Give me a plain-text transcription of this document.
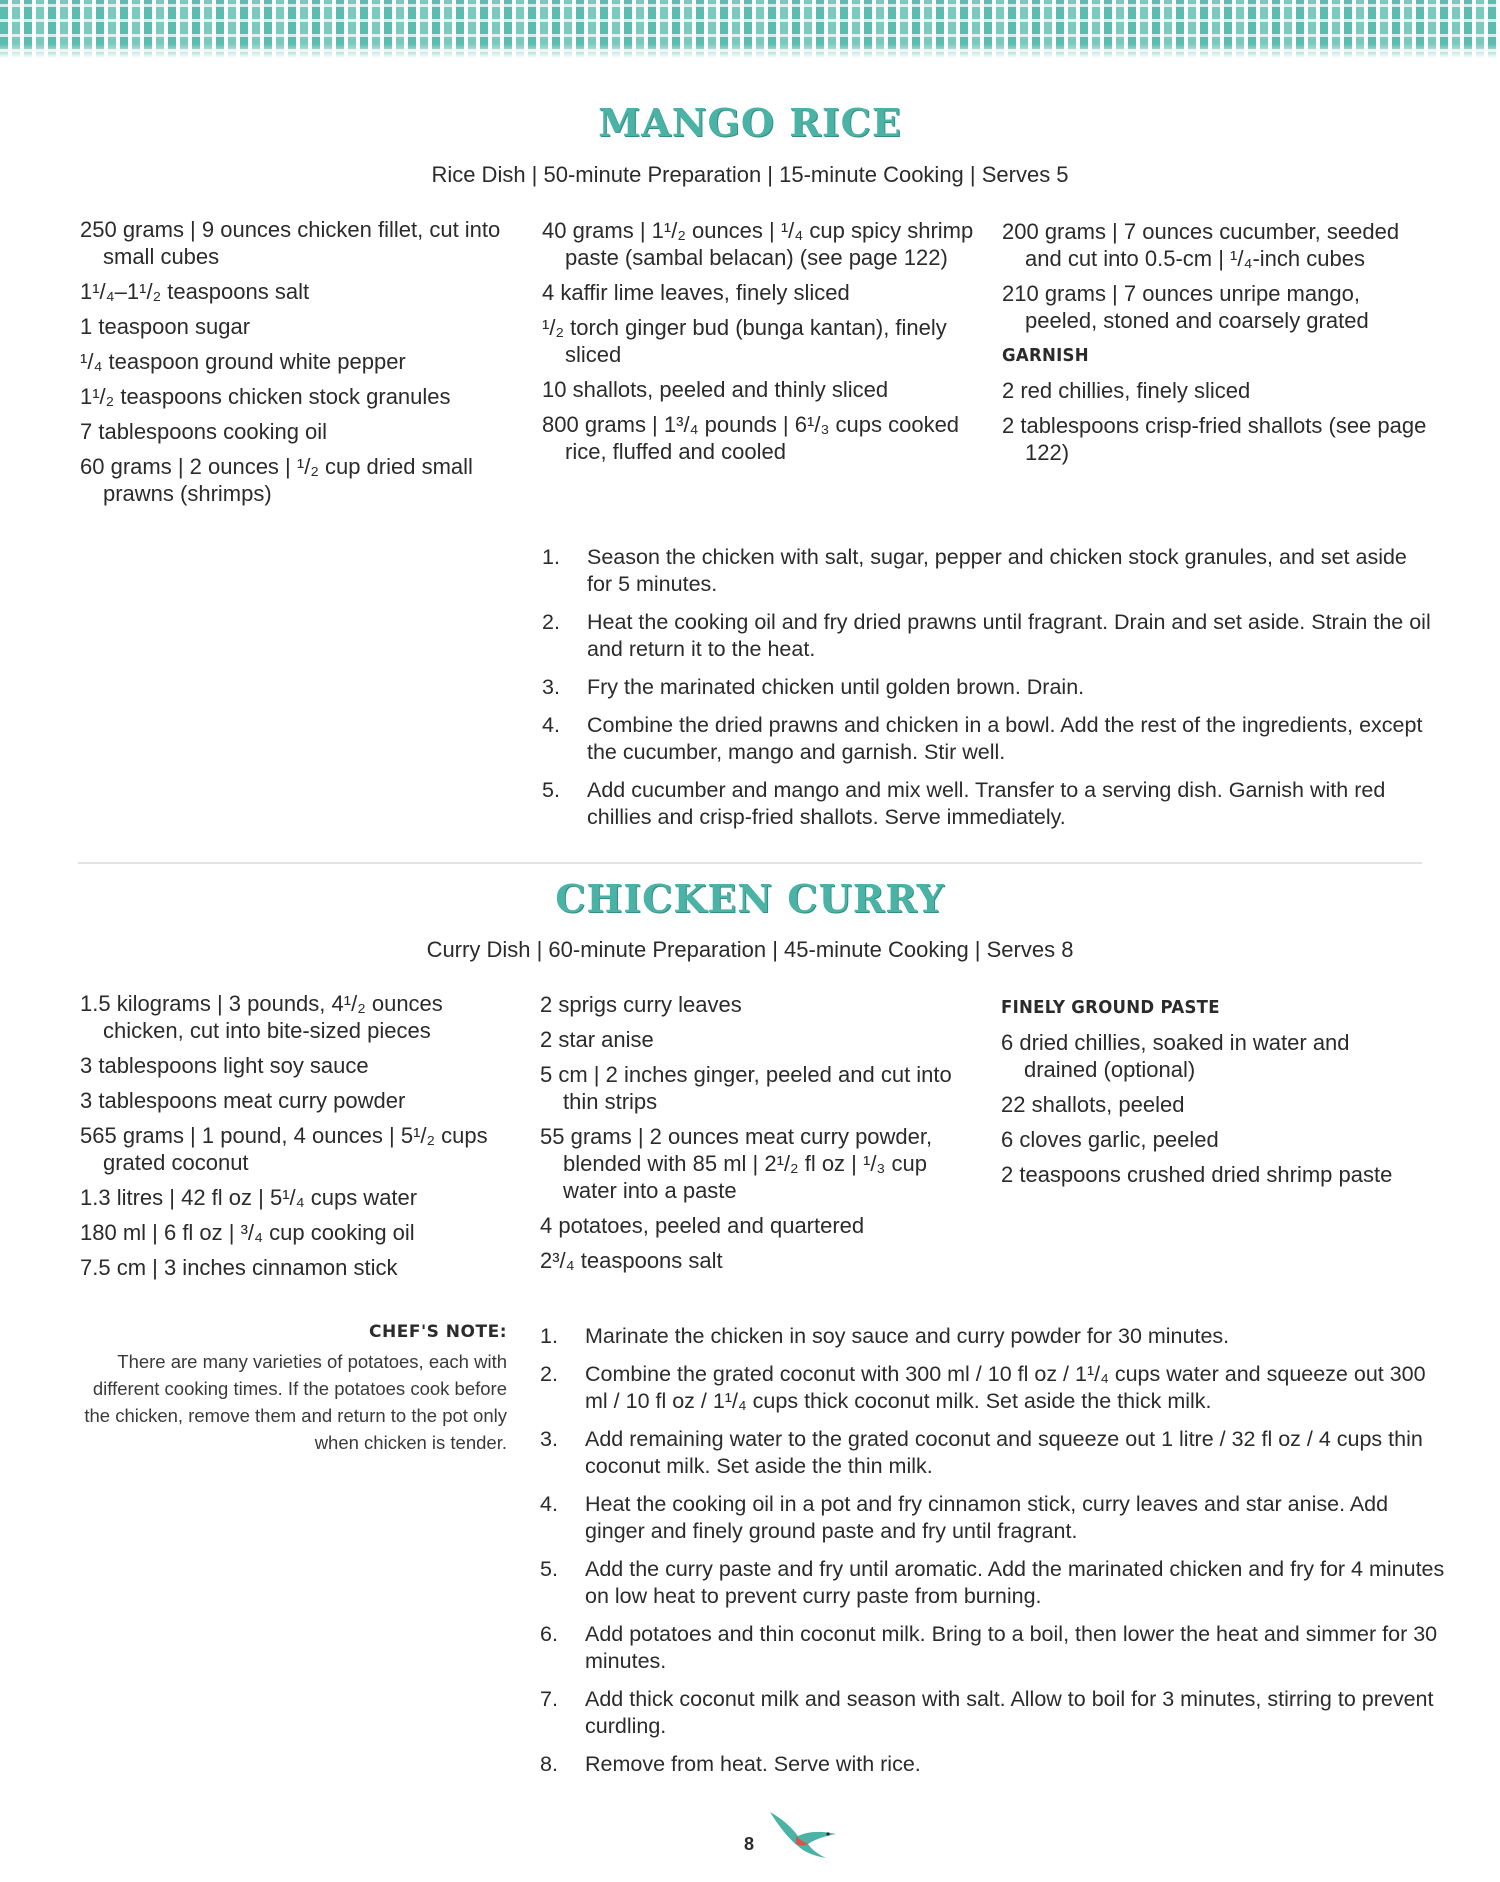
MANGO RICE
Rice Dish | 50-minute Preparation | 15-minute Cooking | Serves 5
250 grams | 9 ounces chicken fillet, cut into small cubes
1¹/₄–1¹/₂ teaspoons salt
1 teaspoon sugar
¹/₄ teaspoon ground white pepper
1¹/₂ teaspoons chicken stock granules
7 tablespoons cooking oil
60 grams | 2 ounces | ¹/₂ cup dried small prawns (shrimps)
40 grams | 1¹/₂ ounces | ¹/₄ cup spicy shrimp paste (sambal belacan) (see page 122)
4 kaffir lime leaves, finely sliced
¹/₂ torch ginger bud (bunga kantan), finely sliced
10 shallots, peeled and thinly sliced
800 grams | 1³/₄ pounds | 6¹/₃ cups cooked rice, fluffed and cooled
200 grams | 7 ounces cucumber, seeded and cut into 0.5-cm | ¹/₄-inch cubes
210 grams | 7 ounces unripe mango, peeled, stoned and coarsely grated
GARNISH
2 red chillies, finely sliced
2 tablespoons crisp-fried shallots (see page 122)
1. Season the chicken with salt, sugar, pepper and chicken stock granules, and set aside for 5 minutes.
2. Heat the cooking oil and fry dried prawns until fragrant. Drain and set aside. Strain the oil and return it to the heat.
3. Fry the marinated chicken until golden brown. Drain.
4. Combine the dried prawns and chicken in a bowl. Add the rest of the ingredients, except the cucumber, mango and garnish. Stir well.
5. Add cucumber and mango and mix well. Transfer to a serving dish. Garnish with red chillies and crisp-fried shallots. Serve immediately.
CHICKEN CURRY
Curry Dish | 60-minute Preparation | 45-minute Cooking | Serves 8
1.5 kilograms | 3 pounds, 4¹/₂ ounces chicken, cut into bite-sized pieces
3 tablespoons light soy sauce
3 tablespoons meat curry powder
565 grams | 1 pound, 4 ounces | 5¹/₂ cups grated coconut
1.3 litres | 42 fl oz | 5¹/₄ cups water
180 ml | 6 fl oz | ³/₄ cup cooking oil
7.5 cm | 3 inches cinnamon stick
2 sprigs curry leaves
2 star anise
5 cm | 2 inches ginger, peeled and cut into thin strips
55 grams | 2 ounces meat curry powder, blended with 85 ml | 2¹/₂ fl oz | ¹/₃ cup water into a paste
4 potatoes, peeled and quartered
2³/₄ teaspoons salt
FINELY GROUND PASTE
6 dried chillies, soaked in water and drained (optional)
22 shallots, peeled
6 cloves garlic, peeled
2 teaspoons crushed dried shrimp paste
CHEF'S NOTE:
There are many varieties of potatoes, each with different cooking times. If the potatoes cook before the chicken, remove them and return to the pot only when chicken is tender.
1. Marinate the chicken in soy sauce and curry powder for 30 minutes.
2. Combine the grated coconut with 300 ml / 10 fl oz / 1¹/₄ cups water and squeeze out 300 ml / 10 fl oz / 1¹/₄ cups thick coconut milk. Set aside the thick milk.
3. Add remaining water to the grated coconut and squeeze out 1 litre / 32 fl oz / 4 cups thin coconut milk. Set aside the thin milk.
4. Heat the cooking oil in a pot and fry cinnamon stick, curry leaves and star anise. Add ginger and finely ground paste and fry until fragrant.
5. Add the curry paste and fry until aromatic. Add the marinated chicken and fry for 4 minutes on low heat to prevent curry paste from burning.
6. Add potatoes and thin coconut milk. Bring to a boil, then lower the heat and simmer for 30 minutes.
7. Add thick coconut milk and season with salt. Allow to boil for 3 minutes, stirring to prevent curdling.
8. Remove from heat. Serve with rice.
8
